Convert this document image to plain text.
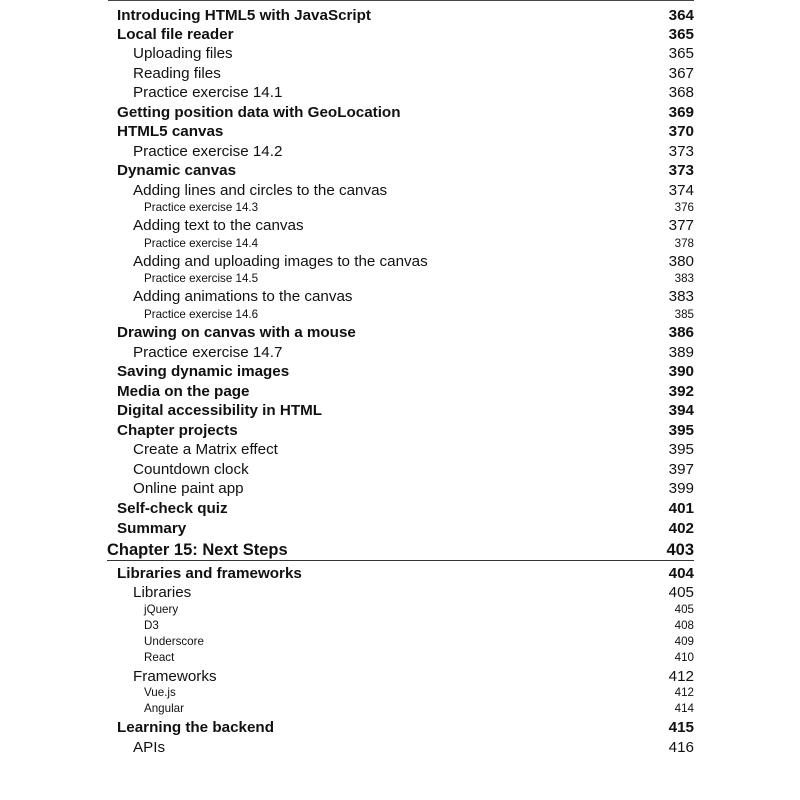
Introducing HTML5 with JavaScript	364
Local file reader	365
Uploading files	365
Reading files	367
Practice exercise 14.1	368
Getting position data with GeoLocation	369
HTML5 canvas	370
Practice exercise 14.2	373
Dynamic canvas	373
Adding lines and circles to the canvas	374
Practice exercise 14.3	376
Adding text to the canvas	377
Practice exercise 14.4	378
Adding and uploading images to the canvas	380
Practice exercise 14.5	383
Adding animations to the canvas	383
Practice exercise 14.6	385
Drawing on canvas with a mouse	386
Practice exercise 14.7	389
Saving dynamic images	390
Media on the page	392
Digital accessibility in HTML	394
Chapter projects	395
Create a Matrix effect	395
Countdown clock	397
Online paint app	399
Self-check quiz	401
Summary	402
Chapter 15: Next Steps	403
Libraries and frameworks	404
Libraries	405
jQuery	405
D3	408
Underscore	409
React	410
Frameworks	412
Vue.js	412
Angular	414
Learning the backend	415
APIs	416
